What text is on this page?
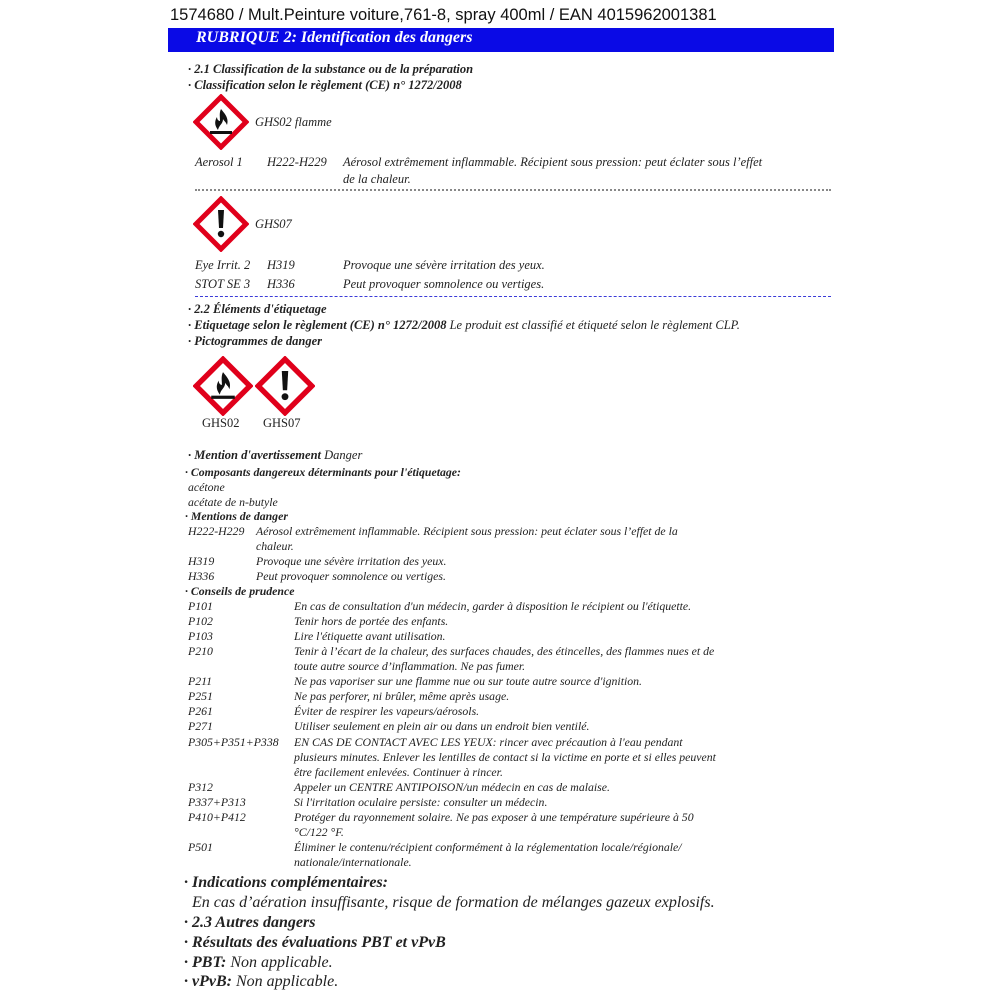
1574680 / Mult.Peinture voiture,761-8, spray 400ml / EAN 4015962001381
RUBRIQUE 2: Identification des dangers
· 2.1 Classification de la substance ou de la préparation
· Classification selon le règlement (CE) n° 1272/2008
GHS02 flamme
Aerosol 1 H222-H229 Aérosol extrêmement inflammable. Récipient sous pression: peut éclater sous l’effet
de la chaleur.
GHS07
Eye Irrit. 2 H319	Provoque une sévère irritation des yeux.
STOT SE 3 H336	Peut provoquer somnolence ou vertiges.
· 2.2 Éléments d'étiquetage
· Etiquetage selon le règlement (CE) n° 1272/2008 Le produit est classifié et étiqueté selon le règlement CLP.
· Pictogrammes de danger
GHS02 GHS07
· Mention d'avertissement Danger
· Composants dangereux déterminants pour l'étiquetage:
acétone
acétate de n-butyle
· Mentions de danger
H222-H229 Aérosol extrêmement inflammable. Récipient sous pression: peut éclater sous l’effet de la
chaleur.
H319	Provoque une sévère irritation des yeux.
H336	Peut provoquer somnolence ou vertiges.
· Conseils de prudence
P101	En cas de consultation d'un médecin, garder à disposition le récipient ou l'étiquette.
P102	Tenir hors de portée des enfants.
P103	Lire l'étiquette avant utilisation.
P210	Tenir à l’écart de la chaleur, des surfaces chaudes, des étincelles, des flammes nues et de
toute autre source d’inflammation. Ne pas fumer.
P211	Ne pas vaporiser sur une flamme nue ou sur toute autre source d'ignition.
P251	Ne pas perforer, ni brûler, même après usage.
P261	Éviter de respirer les vapeurs/aérosols.
P271	Utiliser seulement en plein air ou dans un endroit bien ventilé.
P305+P351+P338 EN CAS DE CONTACT AVEC LES YEUX: rincer avec précaution à l'eau pendant
plusieurs minutes. Enlever les lentilles de contact si la victime en porte et si elles peuvent
être facilement enlevées. Continuer à rincer.
P312	Appeler un CENTRE ANTIPOISON/un médecin en cas de malaise.
P337+P313	Si l'irritation oculaire persiste: consulter un médecin.
P410+P412	Protéger du rayonnement solaire. Ne pas exposer à une température supérieure à 50
°C/122 °F.
P501	Éliminer le contenu/récipient conformément à la réglementation locale/régionale/
nationale/internationale.
· Indications complémentaires:
En cas d’aération insuffisante, risque de formation de mélanges gazeux explosifs.
· 2.3 Autres dangers
· Résultats des évaluations PBT et vPvB
· PBT: Non applicable.
· vPvB: Non applicable.
